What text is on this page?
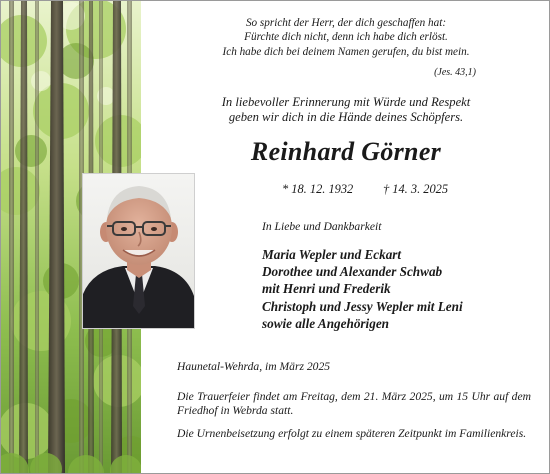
So spricht der Herr, der dich geschaffen hat:
Fürchte dich nicht, denn ich habe dich erlöst.
Ich habe dich bei deinem Namen gerufen, du bist mein.
(Jes. 43,1)
In liebevoller Erinnerung mit Würde und Respekt
geben wir dich in die Hände deines Schöpfers.
Reinhard Görner
* 18. 12. 1932 † 14. 3. 2025
In Liebe und Dankbarkeit
Maria Wepler und Eckart
Dorothee und Alexander Schwab
mit Henri und Frederik
Christoph und Jessy Wepler mit Leni
sowie alle Angehörigen
Haunetal-Wehrda, im März 2025
Die Trauerfeier findet am Freitag, dem 21. März 2025, um 15 Uhr auf dem Friedhof in Webrda statt.
Die Urnenbeisetzung erfolgt zu einem späteren Zeitpunkt im Familienkreis.
